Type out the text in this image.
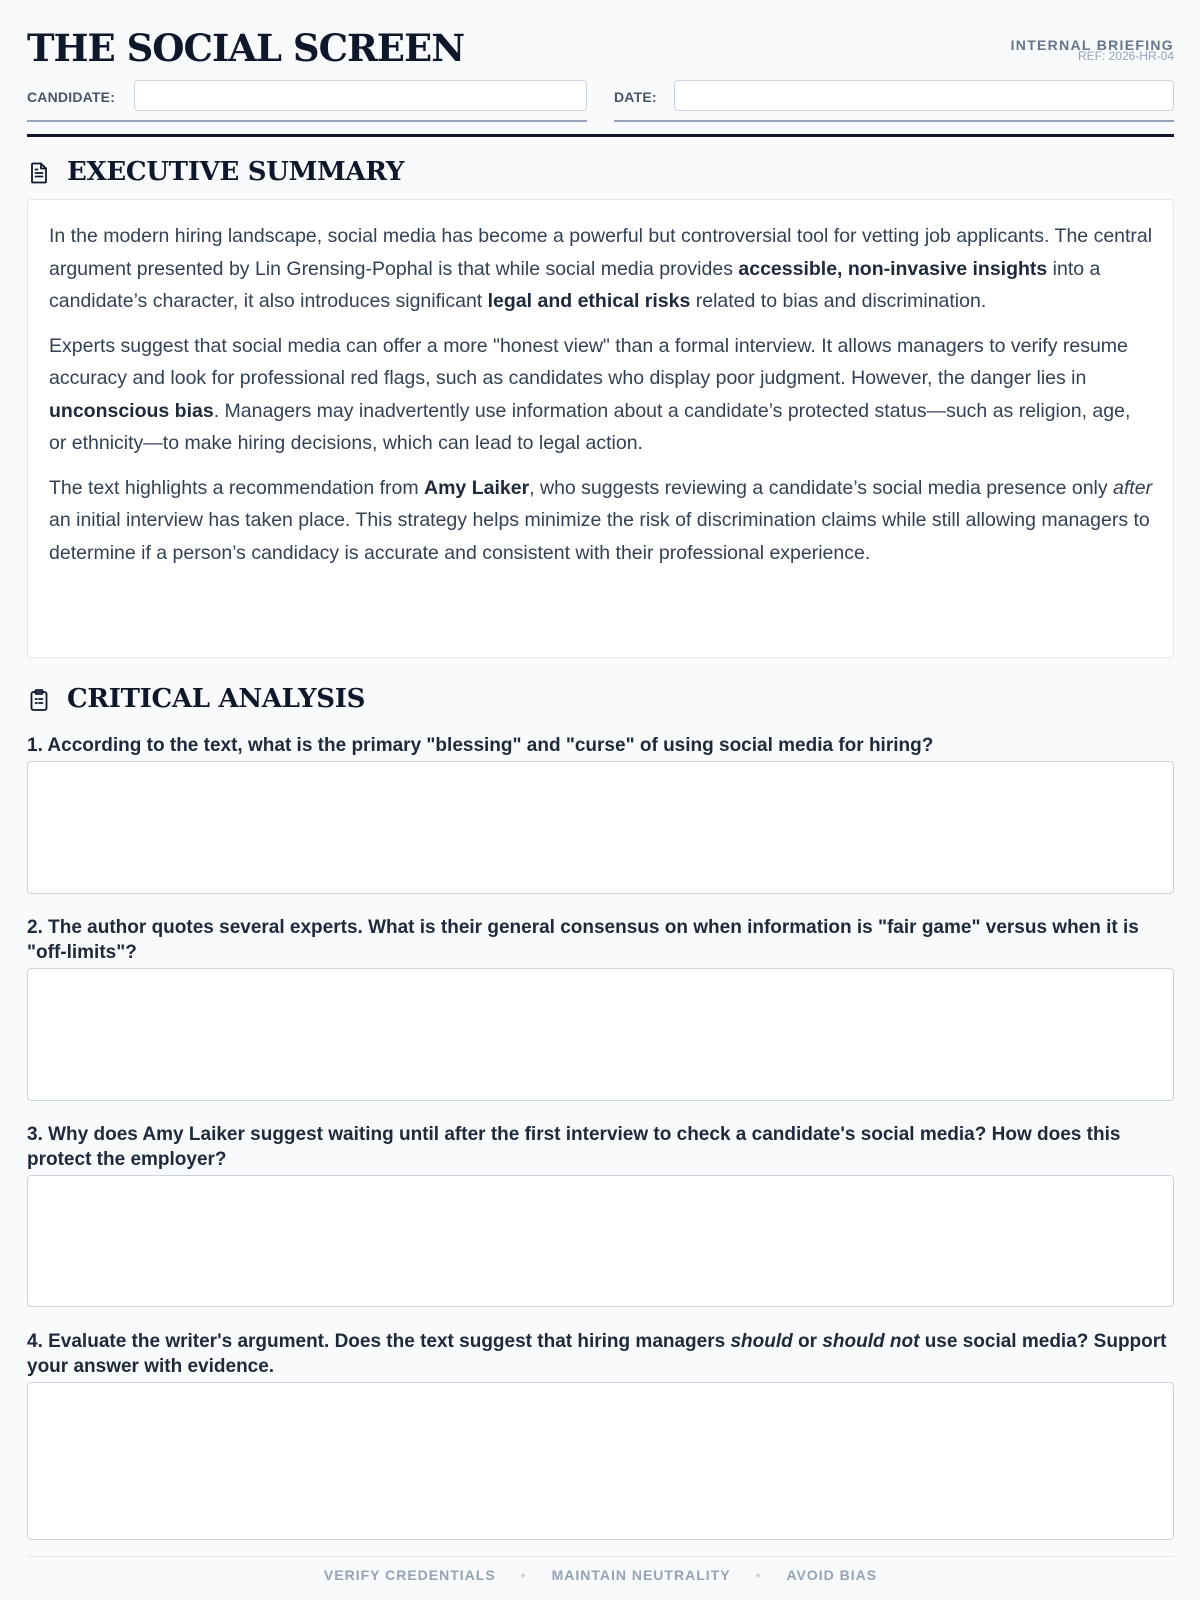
THE SOCIAL SCREEN	INTERNAL BRIEFING
REF: 2026-HR-04
CANDIDATE:	DATE:
EXECUTIVE SUMMARY

In the modern hiring landscape, social media has become a powerful but controversial tool for vetting job applicants. The central argument presented by Lin Grensing-Pophal is that while social media provides accessible, non-invasive insights into a candidate’s character, it also introduces significant legal and ethical risks related to bias and discrimination.

Experts suggest that social media can offer a more "honest view" than a formal interview. It allows managers to verify resume accuracy and look for professional red flags, such as candidates who display poor judgment. However, the danger lies in unconscious bias. Managers may inadvertently use information about a candidate’s protected status—such as religion, age, or ethnicity—to make hiring decisions, which can lead to legal action.

The text highlights a recommendation from Amy Laiker, who suggests reviewing a candidate’s social media presence only after an initial interview has taken place. This strategy helps minimize the risk of discrimination claims while still allowing managers to determine if a person’s candidacy is accurate and consistent with their professional experience.

CRITICAL ANALYSIS

1. According to the text, what is the primary "blessing" and "curse" of using social media for hiring?

2. The author quotes several experts. What is their general consensus on when information is "fair game" versus when it is "off-limits"?

3. Why does Amy Laiker suggest waiting until after the first interview to check a candidate's social media? How does this protect the employer?

4. Evaluate the writer's argument. Does the text suggest that hiring managers should or should not use social media? Support your answer with evidence.

VERIFY CREDENTIALS • MAINTAIN NEUTRALITY • AVOID BIAS
